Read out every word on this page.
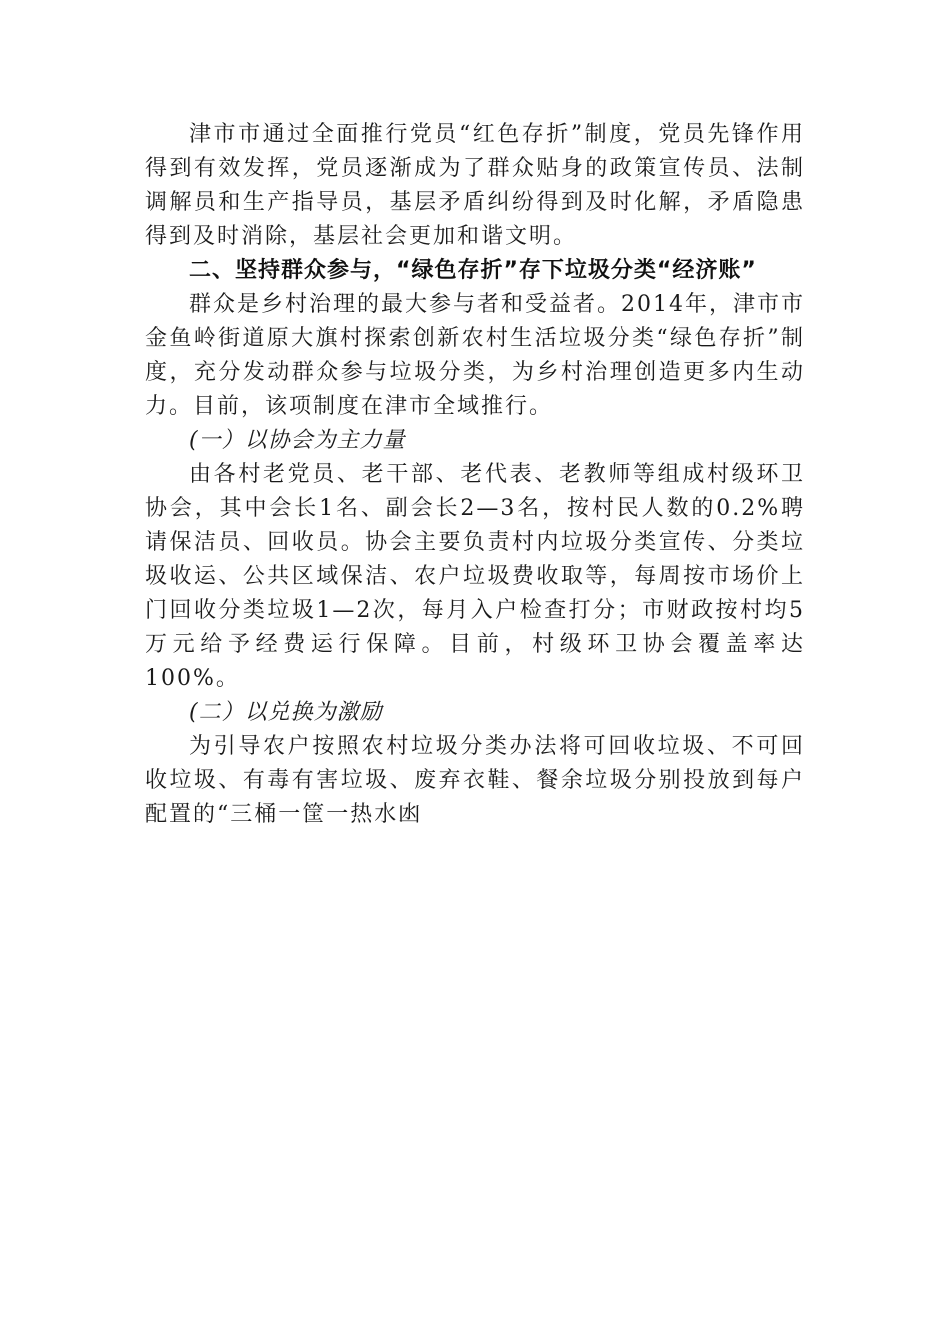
津市市通过全面推行党员“红色存折”制度，党员先锋作用得到有效发挥，党员逐渐成为了群众贴身的政策宣传员、法制调解员和生产指导员，基层矛盾纠纷得到及时化解，矛盾隐患得到及时消除，基层社会更加和谐文明。

二、坚持群众参与，“绿色存折”存下垃圾分类“经济账”

群众是乡村治理的最大参与者和受益者。2014年，津市市金鱼岭街道原大旗村探索创新农村生活垃圾分类“绿色存折”制度，充分发动群众参与垃圾分类，为乡村治理创造更多内生动力。目前，该项制度在津市全域推行。

(一）以协会为主力量

由各村老党员、老干部、老代表、老教师等组成村级环卫协会，其中会长1名、副会长2—3名，按村民人数的0.2%聘请保洁员、回收员。协会主要负责村内垃圾分类宣传、分类垃圾收运、公共区域保洁、农户垃圾费收取等，每周按市场价上门回收分类垃圾1—2次，每月入户检查打分；市财政按村均5万元给予经费运行保障。目前，村级环卫协会覆盖率达100%。

(二）以兑换为激励

为引导农户按照农村垃圾分类办法将可回收垃圾、不可回收垃圾、有毒有害垃圾、废弃衣鞋、餐余垃圾分别投放到每户配置的“三桶一筐一热水凼
